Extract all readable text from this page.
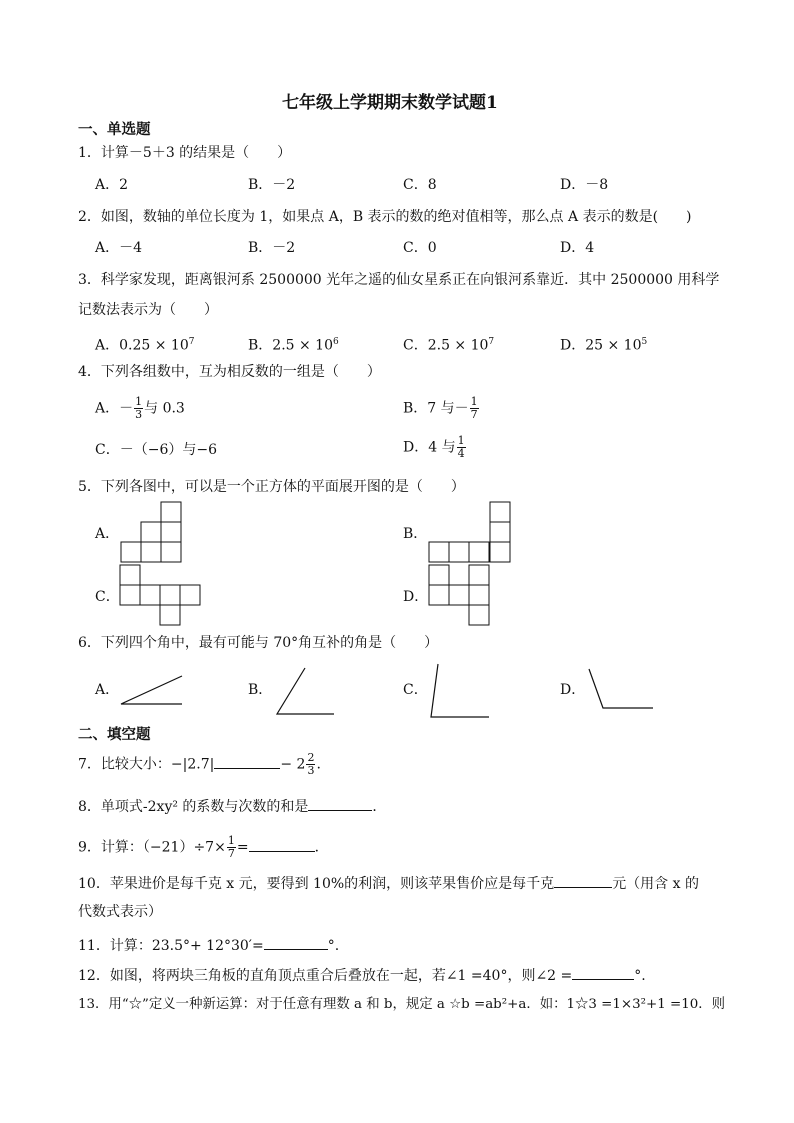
七年级上学期期末数学试题1
一、单选题
1．计算－5＋3 的结果是（　　）
A．2	B．－2	C．8	D．－8
2．如图，数轴的单位长度为 1，如果点 A，B 表示的数的绝对值相等，那么点 A 表示的数是(　　)
A．－4	B．－2	C．0	D．4
3．科学家发现，距离银河系 2500000 光年之遥的仙女星系正在向银河系靠近．其中 2500000 用科学
记数法表示为（　　）
A．$0.25 \times 10^7$	B．$2.5 \times 10^6$	C．$2.5 \times 10^7$	D．$25 \times 10^5$
4．下列各组数中，互为相反数的一组是（　　）
A．－ $\frac{1}{3}$ 与 0.3	B．7 与－ $\frac{1}{7}$
C．－（−6）与−6	D．4 与 $\frac{1}{4}$
5．下列各图中，可以是一个正方体的平面展开图的是（　　）
A．	B．
C．	D．
6．下列四个角中，最有可能与 70°角互补的角是（　　）
A．	B．	C．	D．
二、填空题
7．比较大小：−|2.7|	− $2 \frac{2}{3}$ .
8．单项式-2xy² 的系数与次数的和是	．
9．计算：$(-21)\div 7\times \frac{1}{7}$ =	．
10．苹果进价是每千克 x 元，要得到 10%的利润，则该苹果售价应是每千克	元（用含 x 的
代数式表示）
11．计算：23.5°+ 12°30′=	°.
12．如图，将两块三角板的直角顶点重合后叠放在一起，若∠1 =40°，则∠2 =	°.
13．用“☆”定义一种新运算：对于任意有理数 a 和 b，规定 a ☆b =ab²+a．如：1☆3 =1×3²+1 =10．则
